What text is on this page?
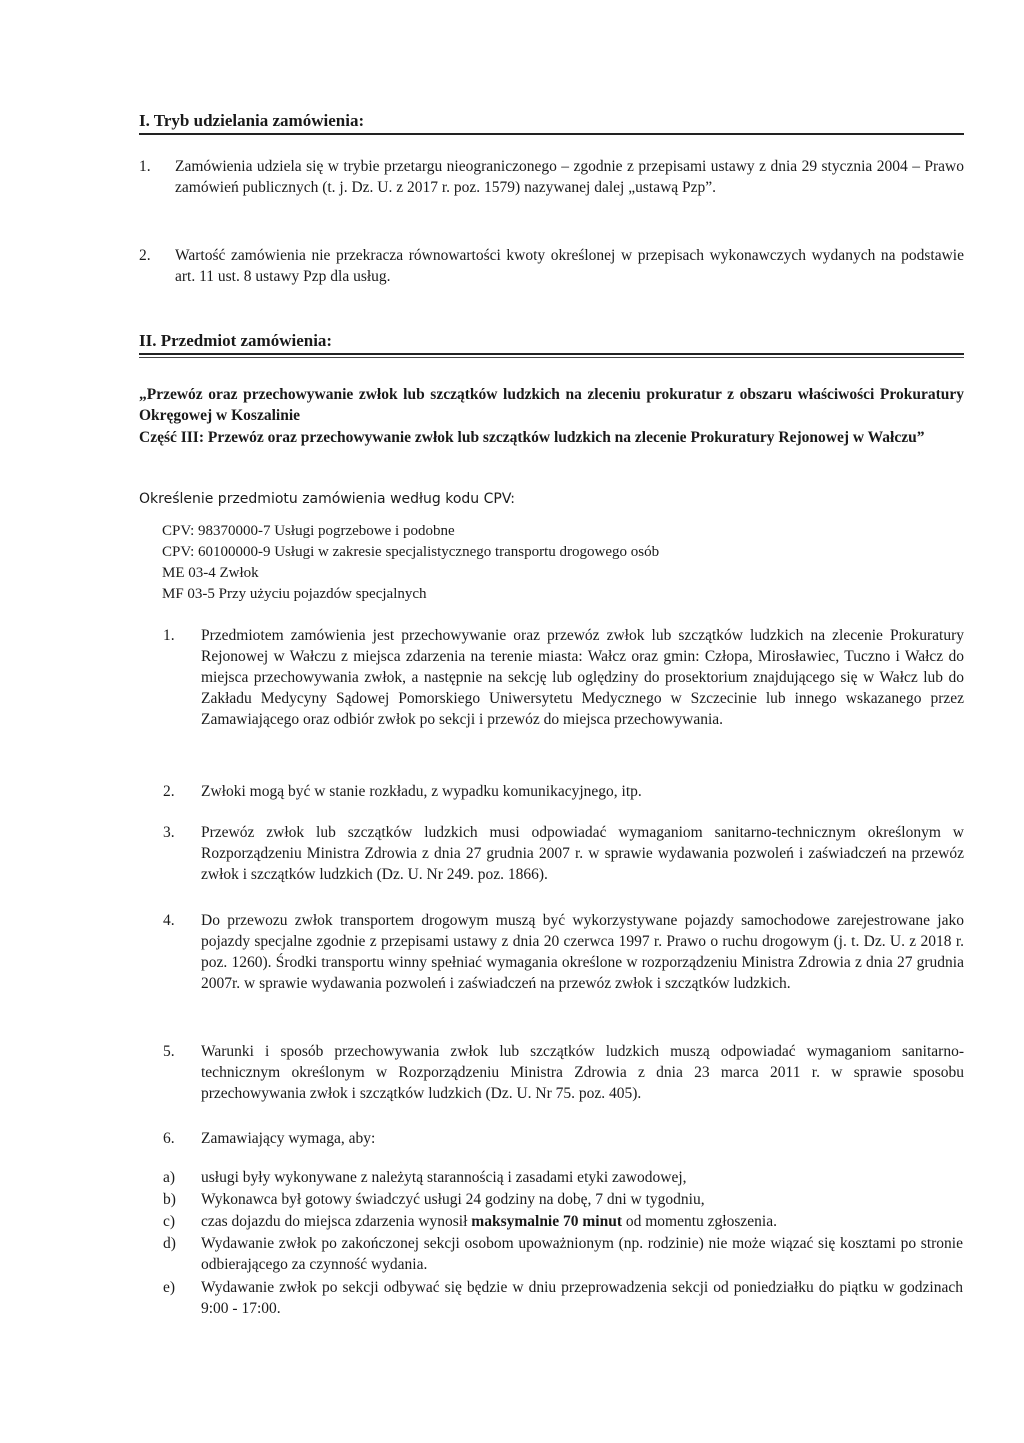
I. Tryb udzielania zamówienia:
1. Zamówienia udziela się w trybie przetargu nieograniczonego – zgodnie z przepisami ustawy z dnia 29 stycznia 2004 – Prawo zamówień publicznych (t. j. Dz. U. z 2017 r. poz. 1579) nazywanej dalej „ustawą Pzp”.
2. Wartość zamówienia nie przekracza równowartości kwoty określonej w przepisach wykonawczych wydanych na podstawie art. 11 ust. 8 ustawy Pzp dla usług.
II. Przedmiot zamówienia:

„Przewóz oraz przechowywanie zwłok lub szczątków ludzkich na zleceniu prokuratur z obszaru właściwości Prokuratury Okręgowej w Koszalinie

Część III: Przewóz oraz przechowywanie zwłok lub szczątków ludzkich na zlecenie Prokuratury Rejonowej w Wałczu”

Określenie przedmiotu zamówienia według kodu CPV:

CPV: 98370000-7 Usługi pogrzebowe i podobne

CPV: 60100000-9 Usługi w zakresie specjalistycznego transportu drogowego osób

ME 03-4 Zwłok

MF 03-5 Przy użyciu pojazdów specjalnych

1. Przedmiotem zamówienia jest przechowywanie oraz przewóz zwłok lub szczątków ludzkich na zlecenie Prokuratury Rejonowej w Wałczu z miejsca zdarzenia na terenie miasta: Wałcz oraz gmin: Człopa, Mirosławiec, Tuczno i Wałcz do miejsca przechowywania zwłok, a następnie na sekcję lub oględziny do prosektorium znajdującego się w Wałcz lub do Zakładu Medycyny Sądowej Pomorskiego Uniwersytetu Medycznego w Szczecinie lub innego wskazanego przez Zamawiającego oraz odbiór zwłok po sekcji i przewóz do miejsca przechowywania.
2. Zwłoki mogą być w stanie rozkładu, z wypadku komunikacyjnego, itp.
3. Przewóz zwłok lub szczątków ludzkich musi odpowiadać wymaganiom sanitarno-technicznym określonym w Rozporządzeniu Ministra Zdrowia z dnia 27 grudnia 2007 r. w sprawie wydawania pozwoleń i zaświadczeń na przewóz zwłok i szczątków ludzkich (Dz. U. Nr 249. poz. 1866).
4. Do przewozu zwłok transportem drogowym muszą być wykorzystywane pojazdy samochodowe zarejestrowane jako pojazdy specjalne zgodnie z przepisami ustawy z dnia 20 czerwca 1997 r. Prawo o ruchu drogowym (j. t. Dz. U. z 2018 r. poz. 1260). Środki transportu winny spełniać wymagania określone w rozporządzeniu Ministra Zdrowia z dnia 27 grudnia 2007r. w sprawie wydawania pozwoleń i zaświadczeń na przewóz zwłok i szczątków ludzkich.
5. Warunki i sposób przechowywania zwłok lub szczątków ludzkich muszą odpowiadać wymaganiom sanitarno-technicznym określonym w Rozporządzeniu Ministra Zdrowia z dnia 23 marca 2011 r. w sprawie sposobu przechowywania zwłok i szczątków ludzkich (Dz. U. Nr 75. poz. 405).
6. Zamawiający wymaga, aby:
a) usługi były wykonywane z należytą starannością i zasadami etyki zawodowej,
b) Wykonawca był gotowy świadczyć usługi 24 godziny na dobę, 7 dni w tygodniu,
c) czas dojazdu do miejsca zdarzenia wynosił maksymalnie 70 minut od momentu zgłoszenia.
d) Wydawanie zwłok po zakończonej sekcji osobom upoważnionym (np. rodzinie) nie może wiązać się kosztami po stronie odbierającego za czynność wydania.
e) Wydawanie zwłok po sekcji odbywać się będzie w dniu przeprowadzenia sekcji od poniedziałku do piątku w godzinach 9:00 - 17:00.
